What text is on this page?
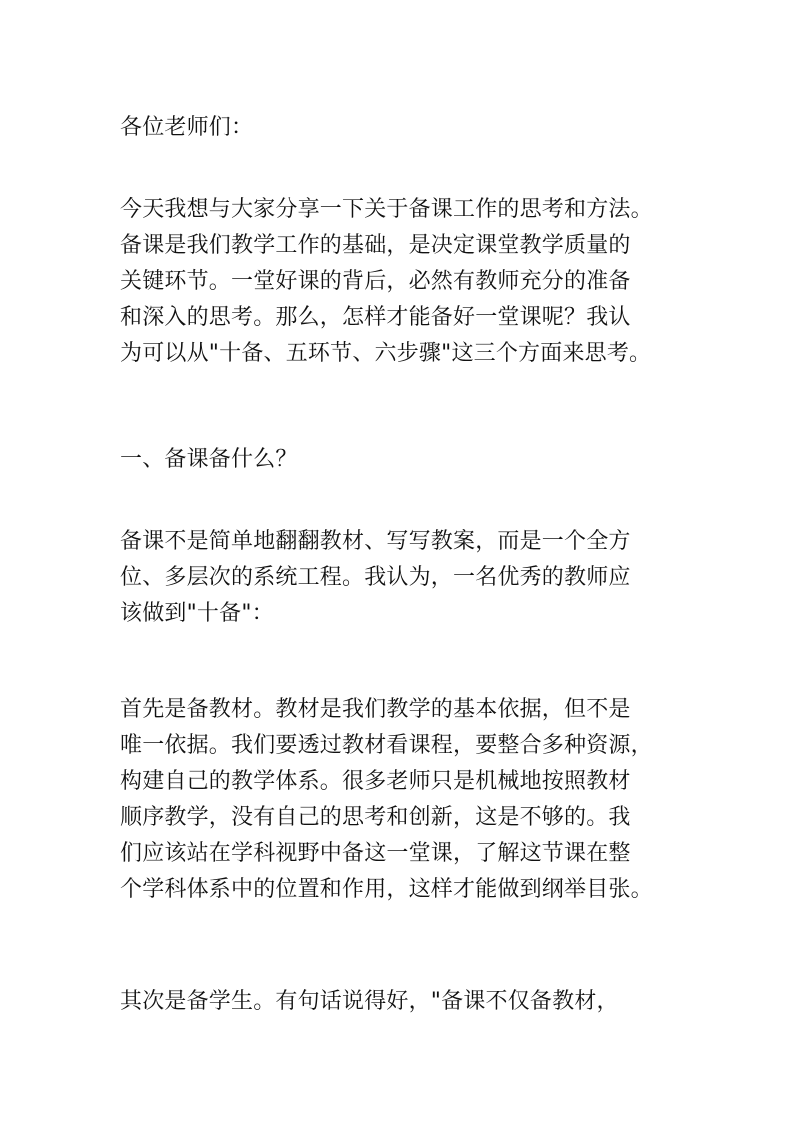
各位老师们：

今天我想与大家分享一下关于备课工作的思考和方法。
备课是我们教学工作的基础，是决定课堂教学质量的
关键环节。一堂好课的背后，必然有教师充分的准备
和深入的思考。那么，怎样才能备好一堂课呢？我认
为可以从"十备、五环节、六步骤"这三个方面来思考。

一、备课备什么？

备课不是简单地翻翻教材、写写教案，而是一个全方
位、多层次的系统工程。我认为，一名优秀的教师应
该做到"十备"：

首先是备教材。教材是我们教学的基本依据，但不是
唯一依据。我们要透过教材看课程，要整合多种资源，
构建自己的教学体系。很多老师只是机械地按照教材
顺序教学，没有自己的思考和创新，这是不够的。我
们应该站在学科视野中备这一堂课，了解这节课在整
个学科体系中的位置和作用，这样才能做到纲举目张。

其次是备学生。有句话说得好，"备课不仅备教材，
